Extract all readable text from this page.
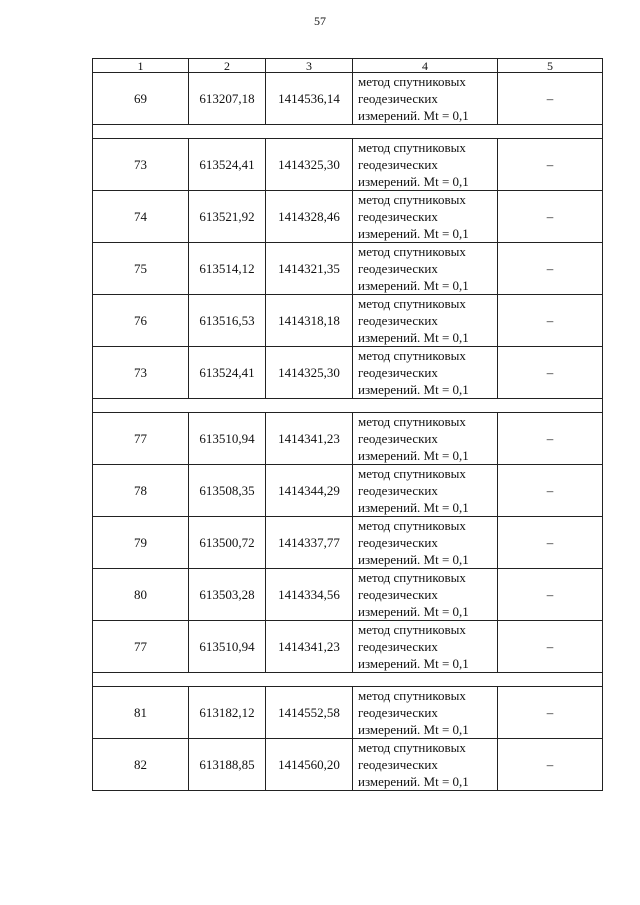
57
1	2	3	4	5
69	613207,18	1414536,14	метод спутниковых
геодезических
измерений. Mt = 0,1	–

73	613524,41	1414325,30	метод спутниковых
геодезических
измерений. Mt = 0,1	–
74	613521,92	1414328,46	метод спутниковых
геодезических
измерений. Mt = 0,1	–
75	613514,12	1414321,35	метод спутниковых
геодезических
измерений. Mt = 0,1	–
76	613516,53	1414318,18	метод спутниковых
геодезических
измерений. Mt = 0,1	–
73	613524,41	1414325,30	метод спутниковых
геодезических
измерений. Mt = 0,1	–

77	613510,94	1414341,23	метод спутниковых
геодезических
измерений. Mt = 0,1	–
78	613508,35	1414344,29	метод спутниковых
геодезических
измерений. Mt = 0,1	–
79	613500,72	1414337,77	метод спутниковых
геодезических
измерений. Mt = 0,1	–
80	613503,28	1414334,56	метод спутниковых
геодезических
измерений. Mt = 0,1	–
77	613510,94	1414341,23	метод спутниковых
геодезических
измерений. Mt = 0,1	–

81	613182,12	1414552,58	метод спутниковых
геодезических
измерений. Mt = 0,1	–
82	613188,85	1414560,20	метод спутниковых
геодезических
измерений. Mt = 0,1	–
